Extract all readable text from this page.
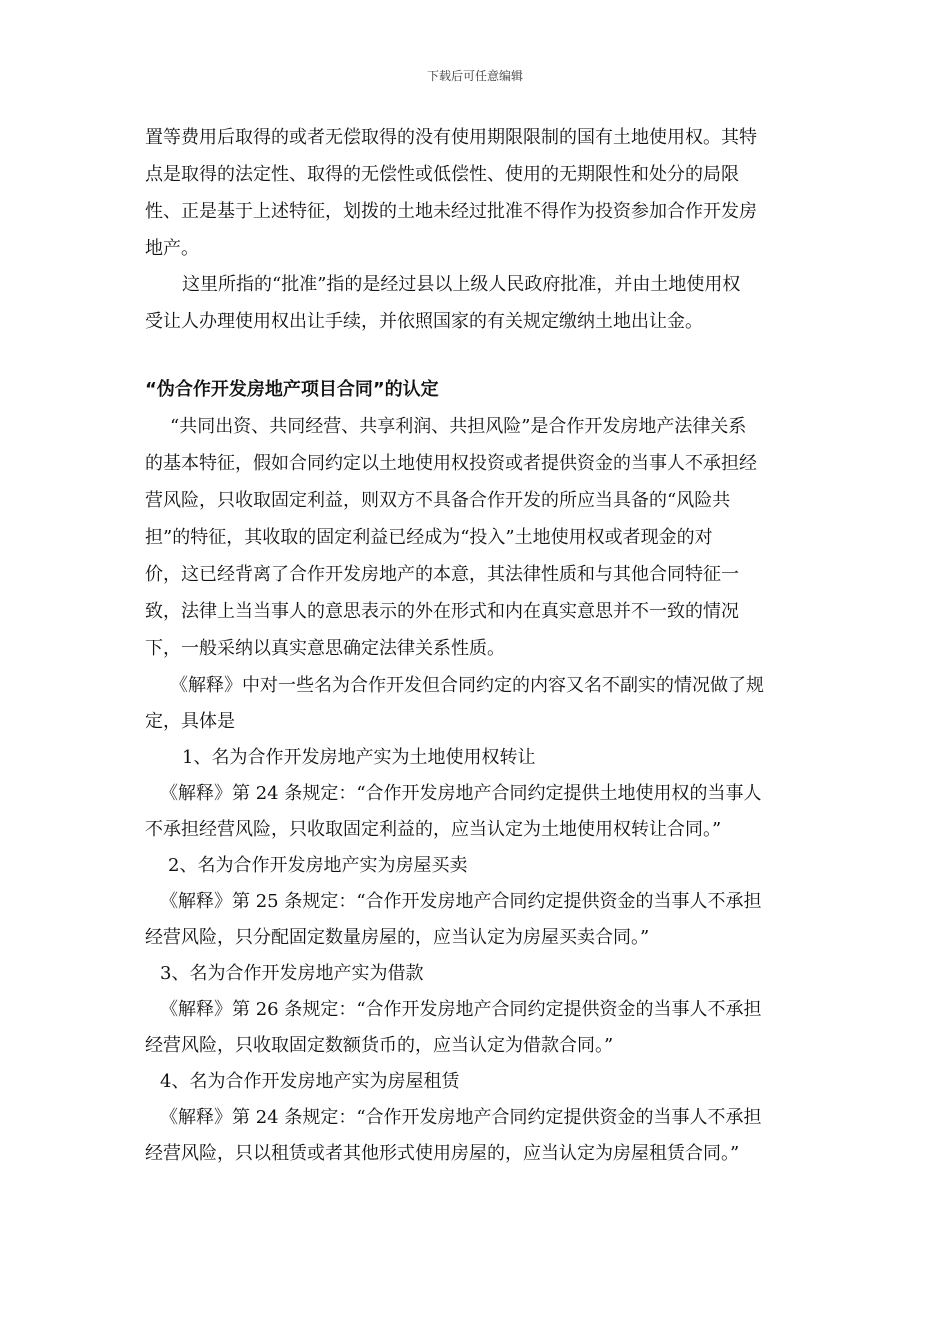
下载后可任意编辑
置等费用后取得的或者无偿取得的没有使用期限限制的国有土地使用权。其特
点是取得的法定性、取得的无偿性或低偿性、使用的无期限性和处分的局限
性、正是基于上述特征，划拨的土地未经过批准不得作为投资参加合作开发房
地产。
这里所指的“批准”指的是经过县以上级人民政府批准，并由土地使用权
受让人办理使用权出让手续，并依照国家的有关规定缴纳土地出让金。
“伪合作开发房地产项目合同”的认定
“共同出资、共同经营、共享利润、共担风险”是合作开发房地产法律关系
的基本特征，假如合同约定以土地使用权投资或者提供资金的当事人不承担经
营风险，只收取固定利益，则双方不具备合作开发的所应当具备的“风险共
担”的特征，其收取的固定利益已经成为“投入”土地使用权或者现金的对
价，这已经背离了合作开发房地产的本意，其法律性质和与其他合同特征一
致，法律上当当事人的意思表示的外在形式和内在真实意思并不一致的情况
下，一般采纳以真实意思确定法律关系性质。
《解释》中对一些名为合作开发但合同约定的内容又名不副实的情况做了规
定，具体是
1、名为合作开发房地产实为土地使用权转让
《解释》第 24 条规定：“合作开发房地产合同约定提供土地使用权的当事人
不承担经营风险，只收取固定利益的，应当认定为土地使用权转让合同。”
2、名为合作开发房地产实为房屋买卖
《解释》第 25 条规定：“合作开发房地产合同约定提供资金的当事人不承担
经营风险，只分配固定数量房屋的，应当认定为房屋买卖合同。”
3、名为合作开发房地产实为借款
《解释》第 26 条规定：“合作开发房地产合同约定提供资金的当事人不承担
经营风险，只收取固定数额货币的，应当认定为借款合同。”
4、名为合作开发房地产实为房屋租赁
《解释》第 24 条规定：“合作开发房地产合同约定提供资金的当事人不承担
经营风险，只以租赁或者其他形式使用房屋的，应当认定为房屋租赁合同。”
